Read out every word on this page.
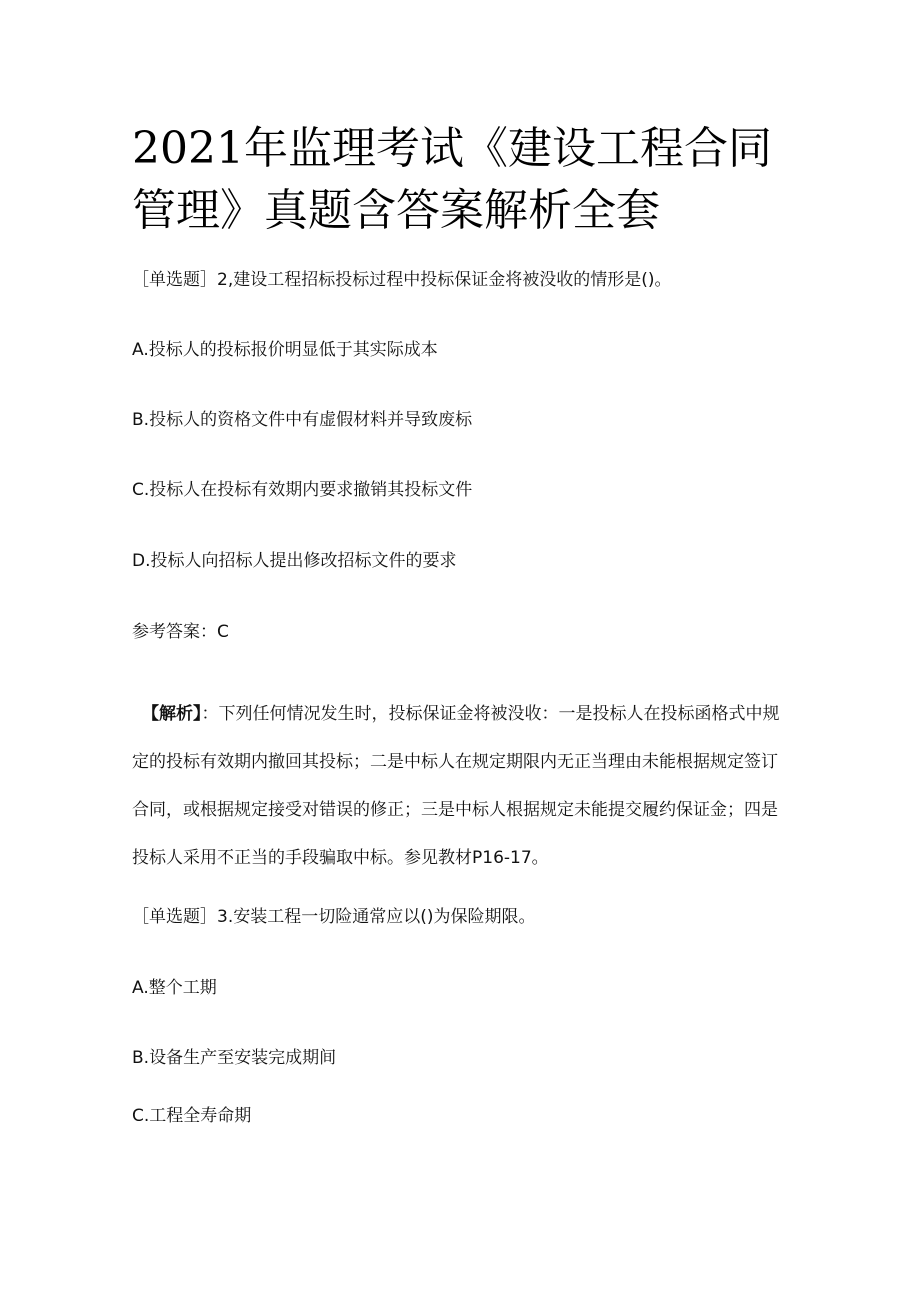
2021年监理考试《建设工程合同管理》真题含答案解析全套
［单选题］2,建设工程招标投标过程中投标保证金将被没收的情形是()。
A.投标人的投标报价明显低于其实际成本
B.投标人的资格文件中有虚假材料并导致废标
C.投标人在投标有效期内要求撤销其投标文件
D.投标人向招标人提出修改招标文件的要求
参考答案：C
【解析】：下列任何情况发生时，投标保证金将被没收：一是投标人在投标函格式中规定的投标有效期内撤回其投标；二是中标人在规定期限内无正当理由未能根据规定签订合同，或根据规定接受对错误的修正；三是中标人根据规定未能提交履约保证金；四是投标人采用不正当的手段骗取中标。参见教材P16-17。
［单选题］3.安装工程一切险通常应以()为保险期限。
A.整个工期
B.设备生产至安装完成期间
C.工程全寿命期
